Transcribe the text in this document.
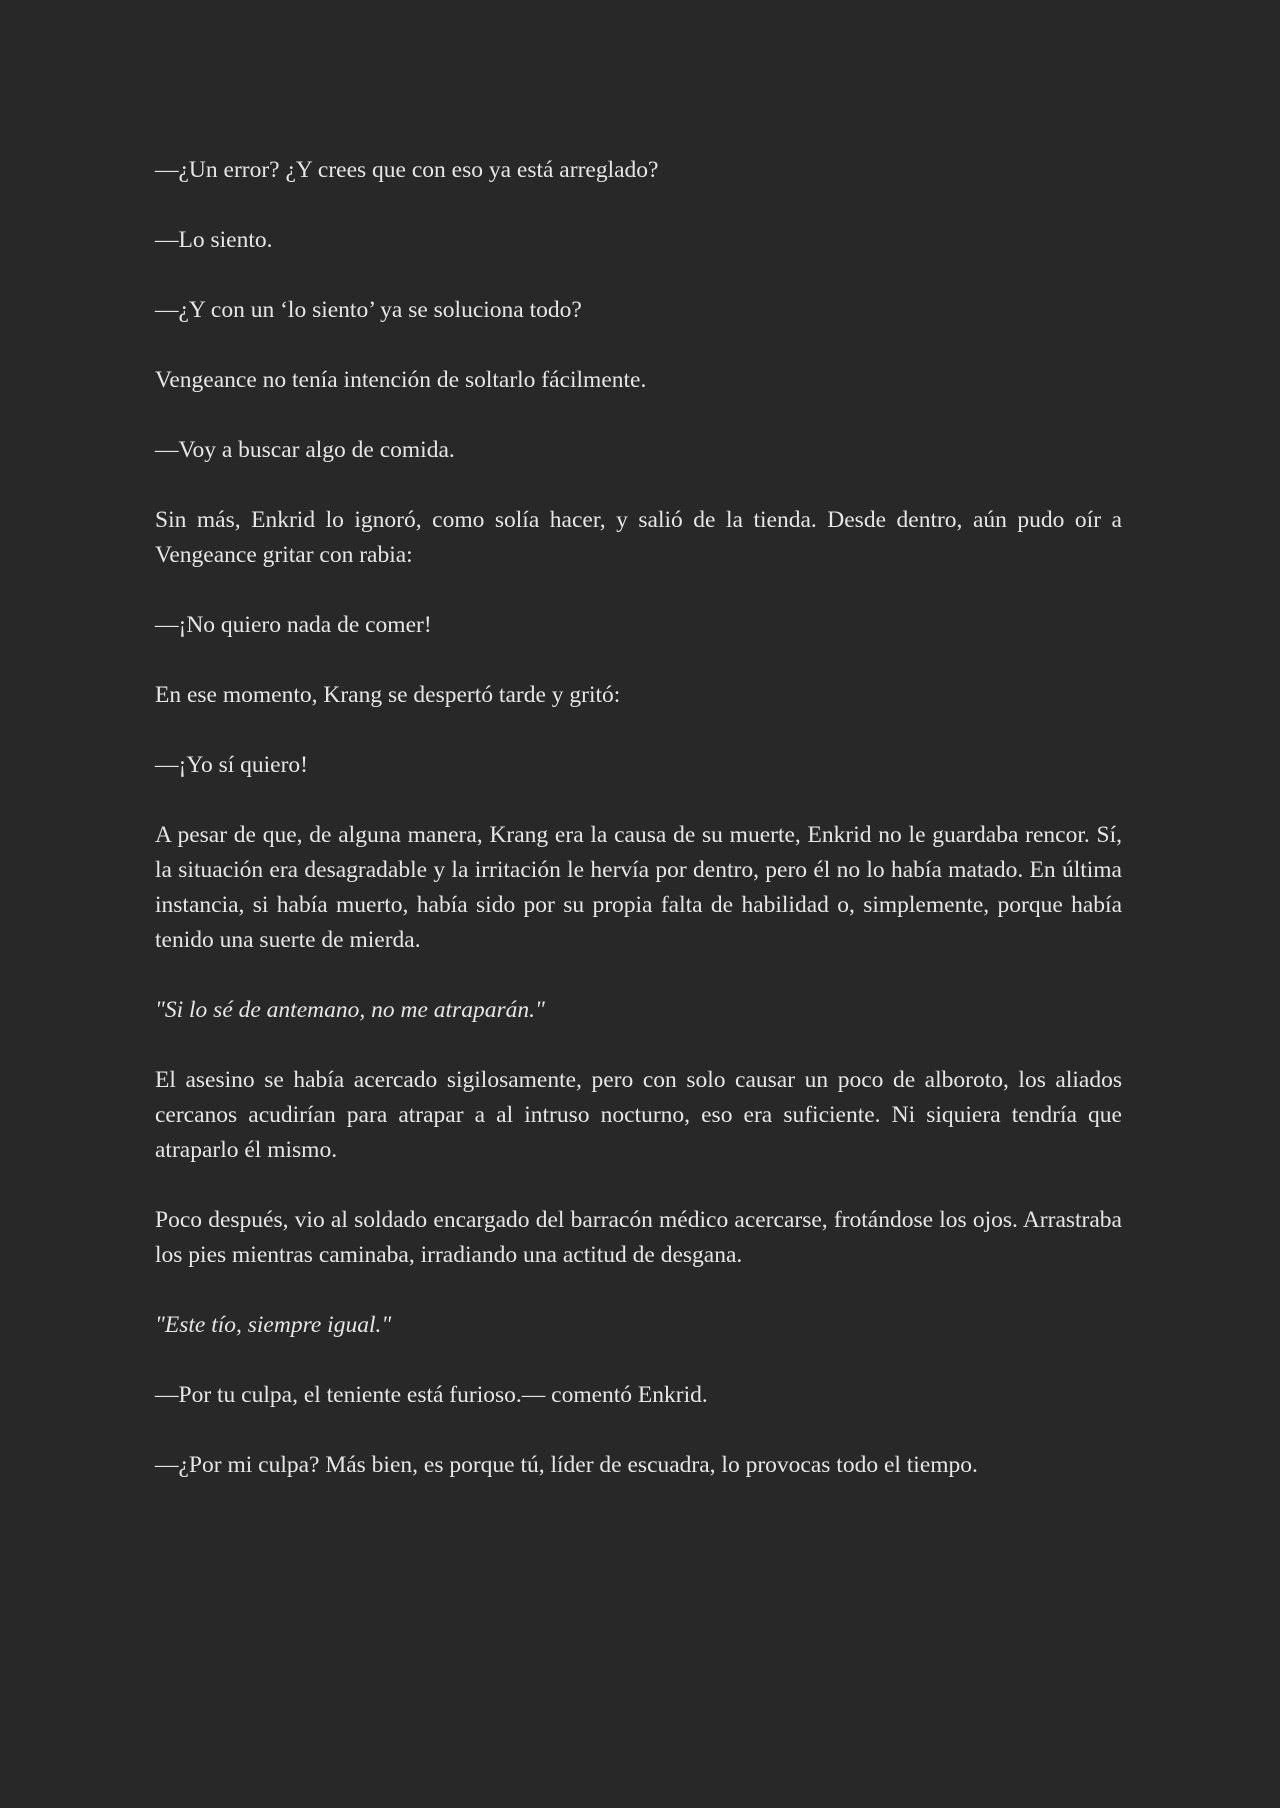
—¿Un error? ¿Y crees que con eso ya está arreglado?

—Lo siento.

—¿Y con un ‘lo siento’ ya se soluciona todo?

Vengeance no tenía intención de soltarlo fácilmente.

—Voy a buscar algo de comida.

Sin más, Enkrid lo ignoró, como solía hacer, y salió de la tienda. Desde dentro, aún pudo oír a Vengeance gritar con rabia:

—¡No quiero nada de comer!

En ese momento, Krang se despertó tarde y gritó:

—¡Yo sí quiero!

A pesar de que, de alguna manera, Krang era la causa de su muerte, Enkrid no le guardaba rencor. Sí, la situación era desagradable y la irritación le hervía por dentro, pero él no lo había matado. En última instancia, si había muerto, había sido por su propia falta de habilidad o, simplemente, porque había tenido una suerte de mierda.

"Si lo sé de antemano, no me atraparán."

El asesino se había acercado sigilosamente, pero con solo causar un poco de alboroto, los aliados cercanos acudirían para atrapar a al intruso nocturno, eso era suficiente. Ni siquiera tendría que atraparlo él mismo.

Poco después, vio al soldado encargado del barracón médico acercarse, frotándose los ojos. Arrastraba los pies mientras caminaba, irradiando una actitud de desgana.

"Este tío, siempre igual."

—Por tu culpa, el teniente está furioso.— comentó Enkrid.

—¿Por mi culpa? Más bien, es porque tú, líder de escuadra, lo provocas todo el tiempo.
